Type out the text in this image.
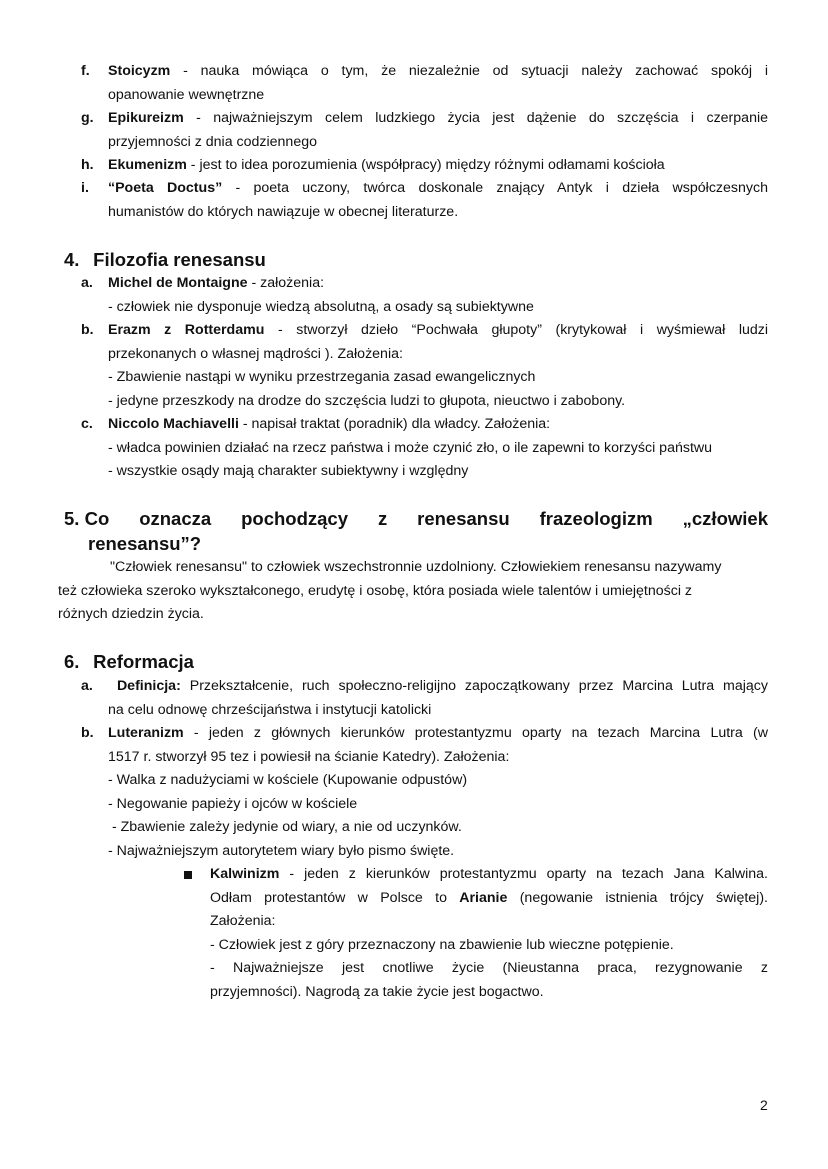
f. Stoicyzm - nauka mówiąca o tym, że niezależnie od sytuacji należy zachować spokój i
opanowanie wewnętrzne
g. Epikureizm - najważniejszym celem ludzkiego życia jest dążenie do szczęścia i czerpanie
przyjemności z dnia codziennego
h. Ekumenizm - jest to idea porozumienia (współpracy) między różnymi odłamami kościoła
i. “Poeta Doctus” - poeta uczony, twórca doskonale znający Antyk i dzieła współczesnych
humanistów do których nawiązuje w obecnej literaturze.
4. Filozofia renesansu
a. Michel de Montaigne - założenia:
- człowiek nie dysponuje wiedzą absolutną, a osady są subiektywne
b. Erazm z Rotterdamu - stworzył dzieło “Pochwała głupoty” (krytykował i wyśmiewał ludzi
przekonanych o własnej mądrości ). Założenia:
- Zbawienie nastąpi w wyniku przestrzegania zasad ewangelicznych
- jedyne przeszkody na drodze do szczęścia ludzi to głupota, nieuctwo i zabobony.
c. Niccolo Machiavelli - napisał traktat (poradnik) dla władcy. Założenia:
- władca powinien działać na rzecz państwa i może czynić zło, o ile zapewni to korzyści państwu
- wszystkie osądy mają charakter subiektywny i względny
5. Co oznacza pochodzący z renesansu frazeologizm „człowiek
renesansu”?
"Człowiek renesansu" to człowiek wszechstronnie uzdolniony. Człowiekiem renesansu nazywamy
też człowieka szeroko wykształconego, erudytę i osobę, która posiada wiele talentów i umiejętności z
różnych dziedzin życia.
6. Reformacja
a.	Definicja: Przekształcenie, ruch społeczno-religijno zapoczątkowany przez Marcina Lutra mający
na celu odnowę chrześcijaństwa i instytucji katolicki
b. Luteranizm - jeden z głównych kierunków protestantyzmu oparty na tezach Marcina Lutra (w
1517 r. stworzył 95 tez i powiesił na ścianie Katedry). Założenia:
- Walka z nadużyciami w kościele (Kupowanie odpustów)
- Negowanie papieży i ojców w kościele
- Zbawienie zależy jedynie od wiary, a nie od uczynków.
- Najważniejszym autorytetem wiary było pismo święte.
Kalwinizm - jeden z kierunków protestantyzmu oparty na tezach Jana Kalwina.
Odłam protestantów w Polsce to Arianie (negowanie istnienia trójcy świętej).
Założenia:
- Człowiek jest z góry przeznaczony na zbawienie lub wieczne potępienie.
- Najważniejsze jest cnotliwe życie (Nieustanna praca, rezygnowanie z
przyjemności). Nagrodą za takie życie jest bogactwo.
2
